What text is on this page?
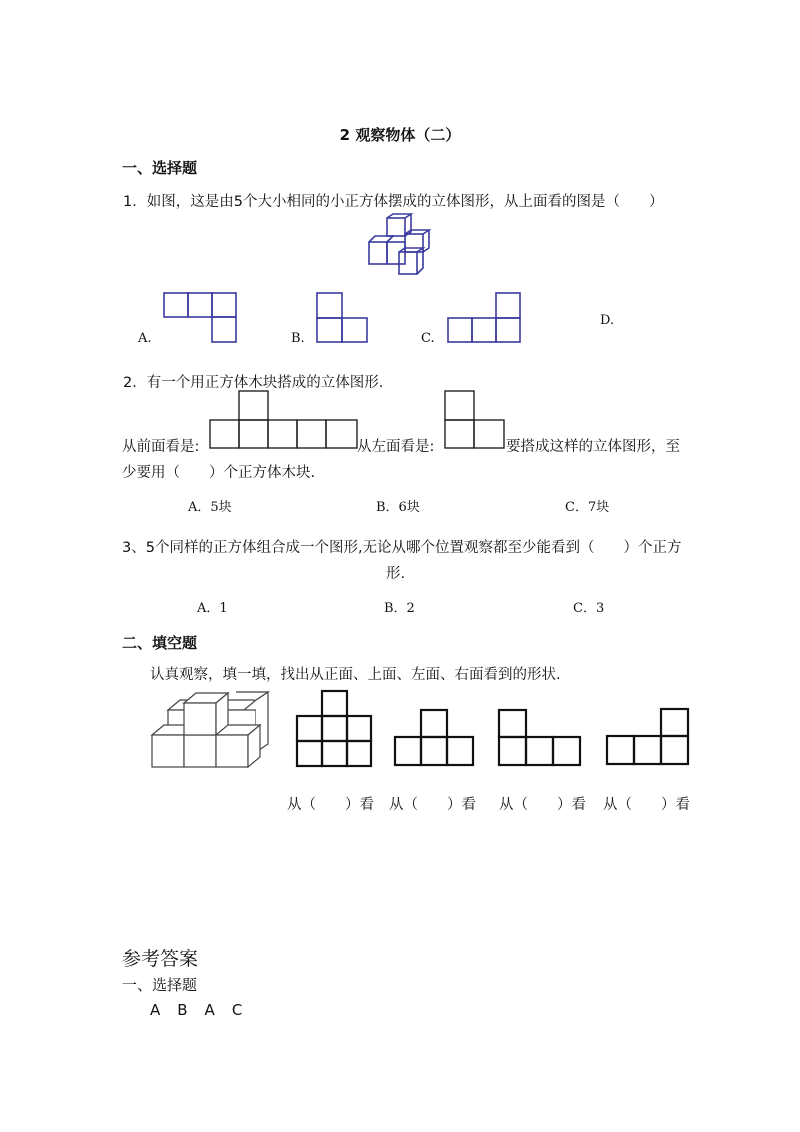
2 观察物体（二）
一、选择题
1．如图，这是由5个大小相同的小正方体摆成的立体图形，从上面看的图是（　　）
A.	B.	C.
D.
2．有一个用正方体木块搭成的立体图形.
从前面看是:	从左面看是:	要搭成这样的立体图形，至
少要用（　　）个正方体木块.
A．5块	B．6块	C．7块
3、5个同样的正方体组合成一个图形,无论从哪个位置观察都至少能看到（　　）个正方
形.
A．1	B．2	C．3
二、填空题
认真观察，填一填，找出从正面、上面、左面、右面看到的形状.
从（　　）看 从（　　）看 从（　　）看 从（　　）看
参考答案
一、选择题
A　B　A　C
